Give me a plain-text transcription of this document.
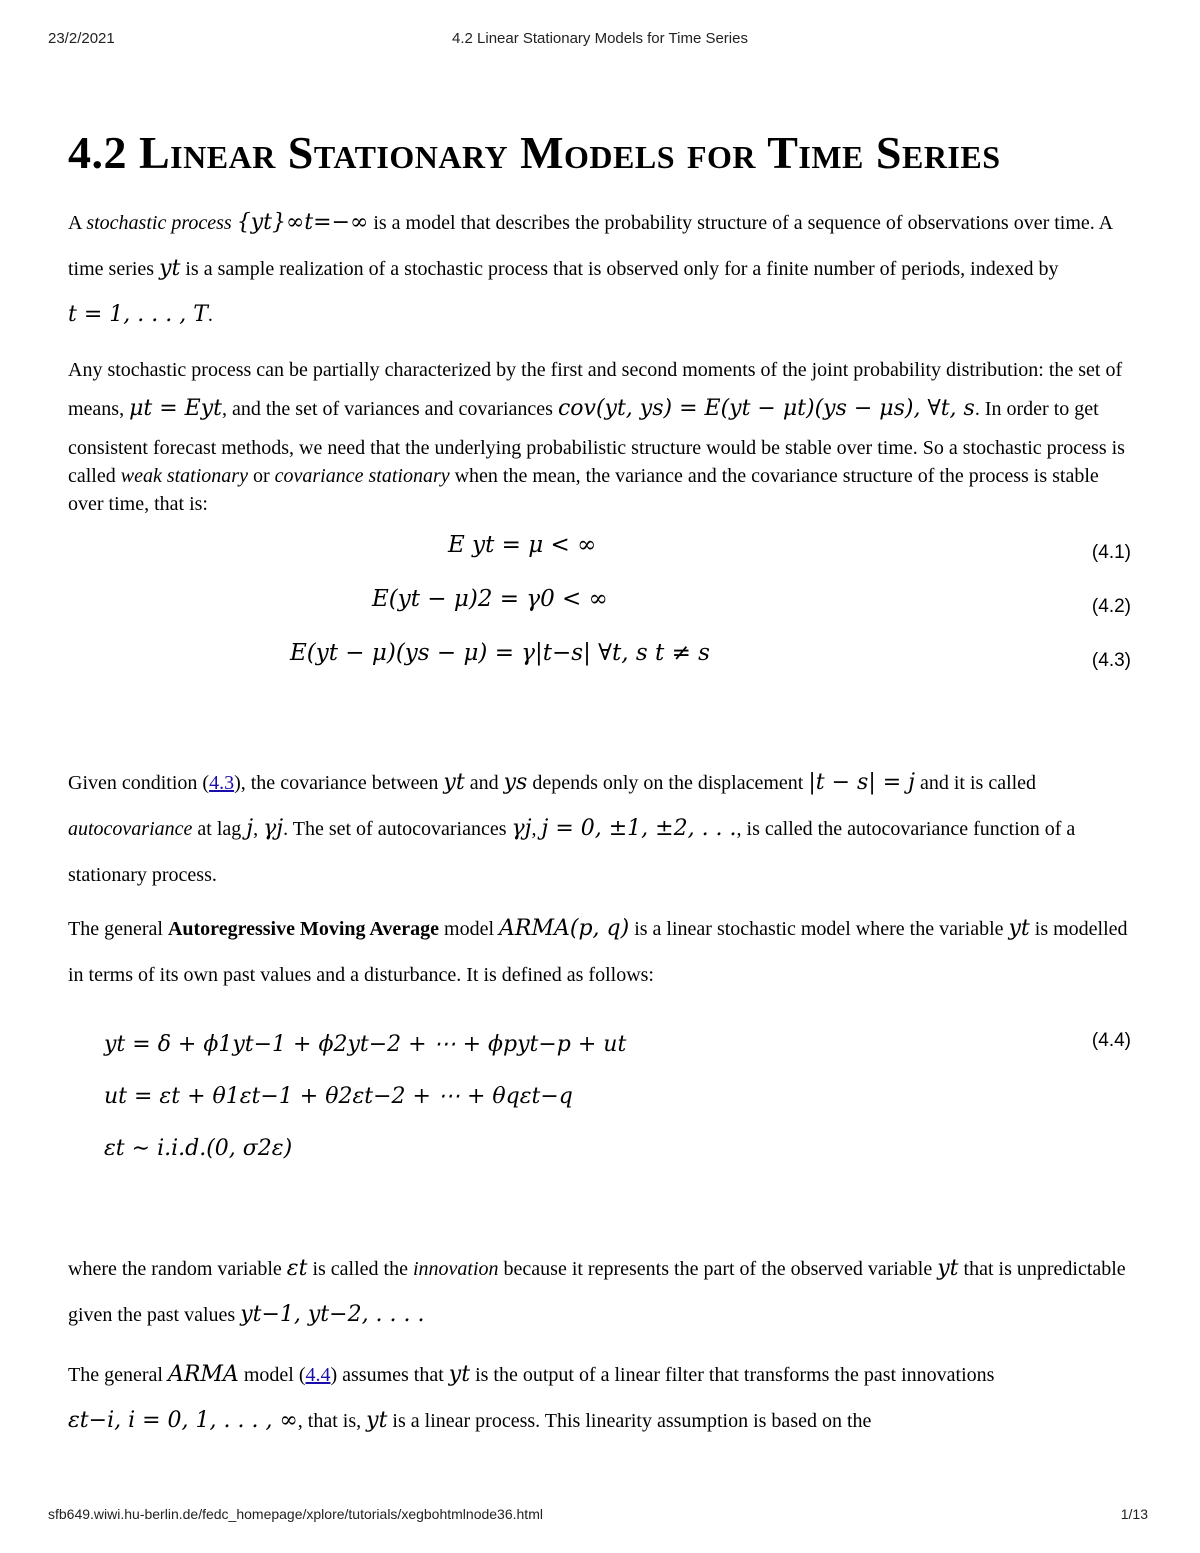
23/2/2021	4.2 Linear Stationary Models for Time Series
4.2 Linear Stationary Models for Time Series

A stochastic process {yt}∞t=−∞ is a model that describes the probability structure of a sequence of observations over time. A time series yt is a sample realization of a stochastic process that is observed only for a finite number of periods, indexed by t = 1, . . . , T.

Any stochastic process can be partially characterized by the first and second moments of the joint probability distribution: the set of means, μt = Eyt, and the set of variances and covariances cov(yt, ys) = E(yt − μt)(ys − μs), ∀t, s. In order to get consistent forecast methods, we need that the underlying probabilistic structure would be stable over time. So a stochastic process is called weak stationary or covariance stationary when the mean, the variance and the covariance structure of the process is stable over time, that is:

E yt = μ < ∞	(4.1)
E(yt − μ)2 = γ0 < ∞	(4.2)
E(yt − μ)(ys − μ) = γ|t−s| ∀t, s t ≠ s	(4.3)

Given condition (4.3), the covariance between yt and ys depends only on the displacement |t − s| = j and it is called autocovariance at lag j, γj. The set of autocovariances γj, j = 0, ±1, ±2, . . ., is called the autocovariance function of a stationary process.

The general Autoregressive Moving Average model ARMA(p, q) is a linear stochastic model where the variable yt is modelled in terms of its own past values and a disturbance. It is defined as follows:

yt = δ + ϕ1yt−1 + ϕ2yt−2 + ⋯ + ϕpyt−p + ut
ut = εt + θ1εt−1 + θ2εt−2 + ⋯ + θqεt−q
εt ∼ i.i.d.(0, σ2ε)
(4.4)

where the random variable εt is called the innovation because it represents the part of the observed variable yt that is unpredictable given the past values yt−1, yt−2, . . . .

The general ARMA model (4.4) assumes that yt is the output of a linear filter that transforms the past innovations εt−i, i = 0, 1, . . . , ∞, that is, yt is a linear process. This linearity assumption is based on the

sfb649.wiwi.hu-berlin.de/fedc_homepage/xplore/tutorials/xegbohtmlnode36.html	1/13
